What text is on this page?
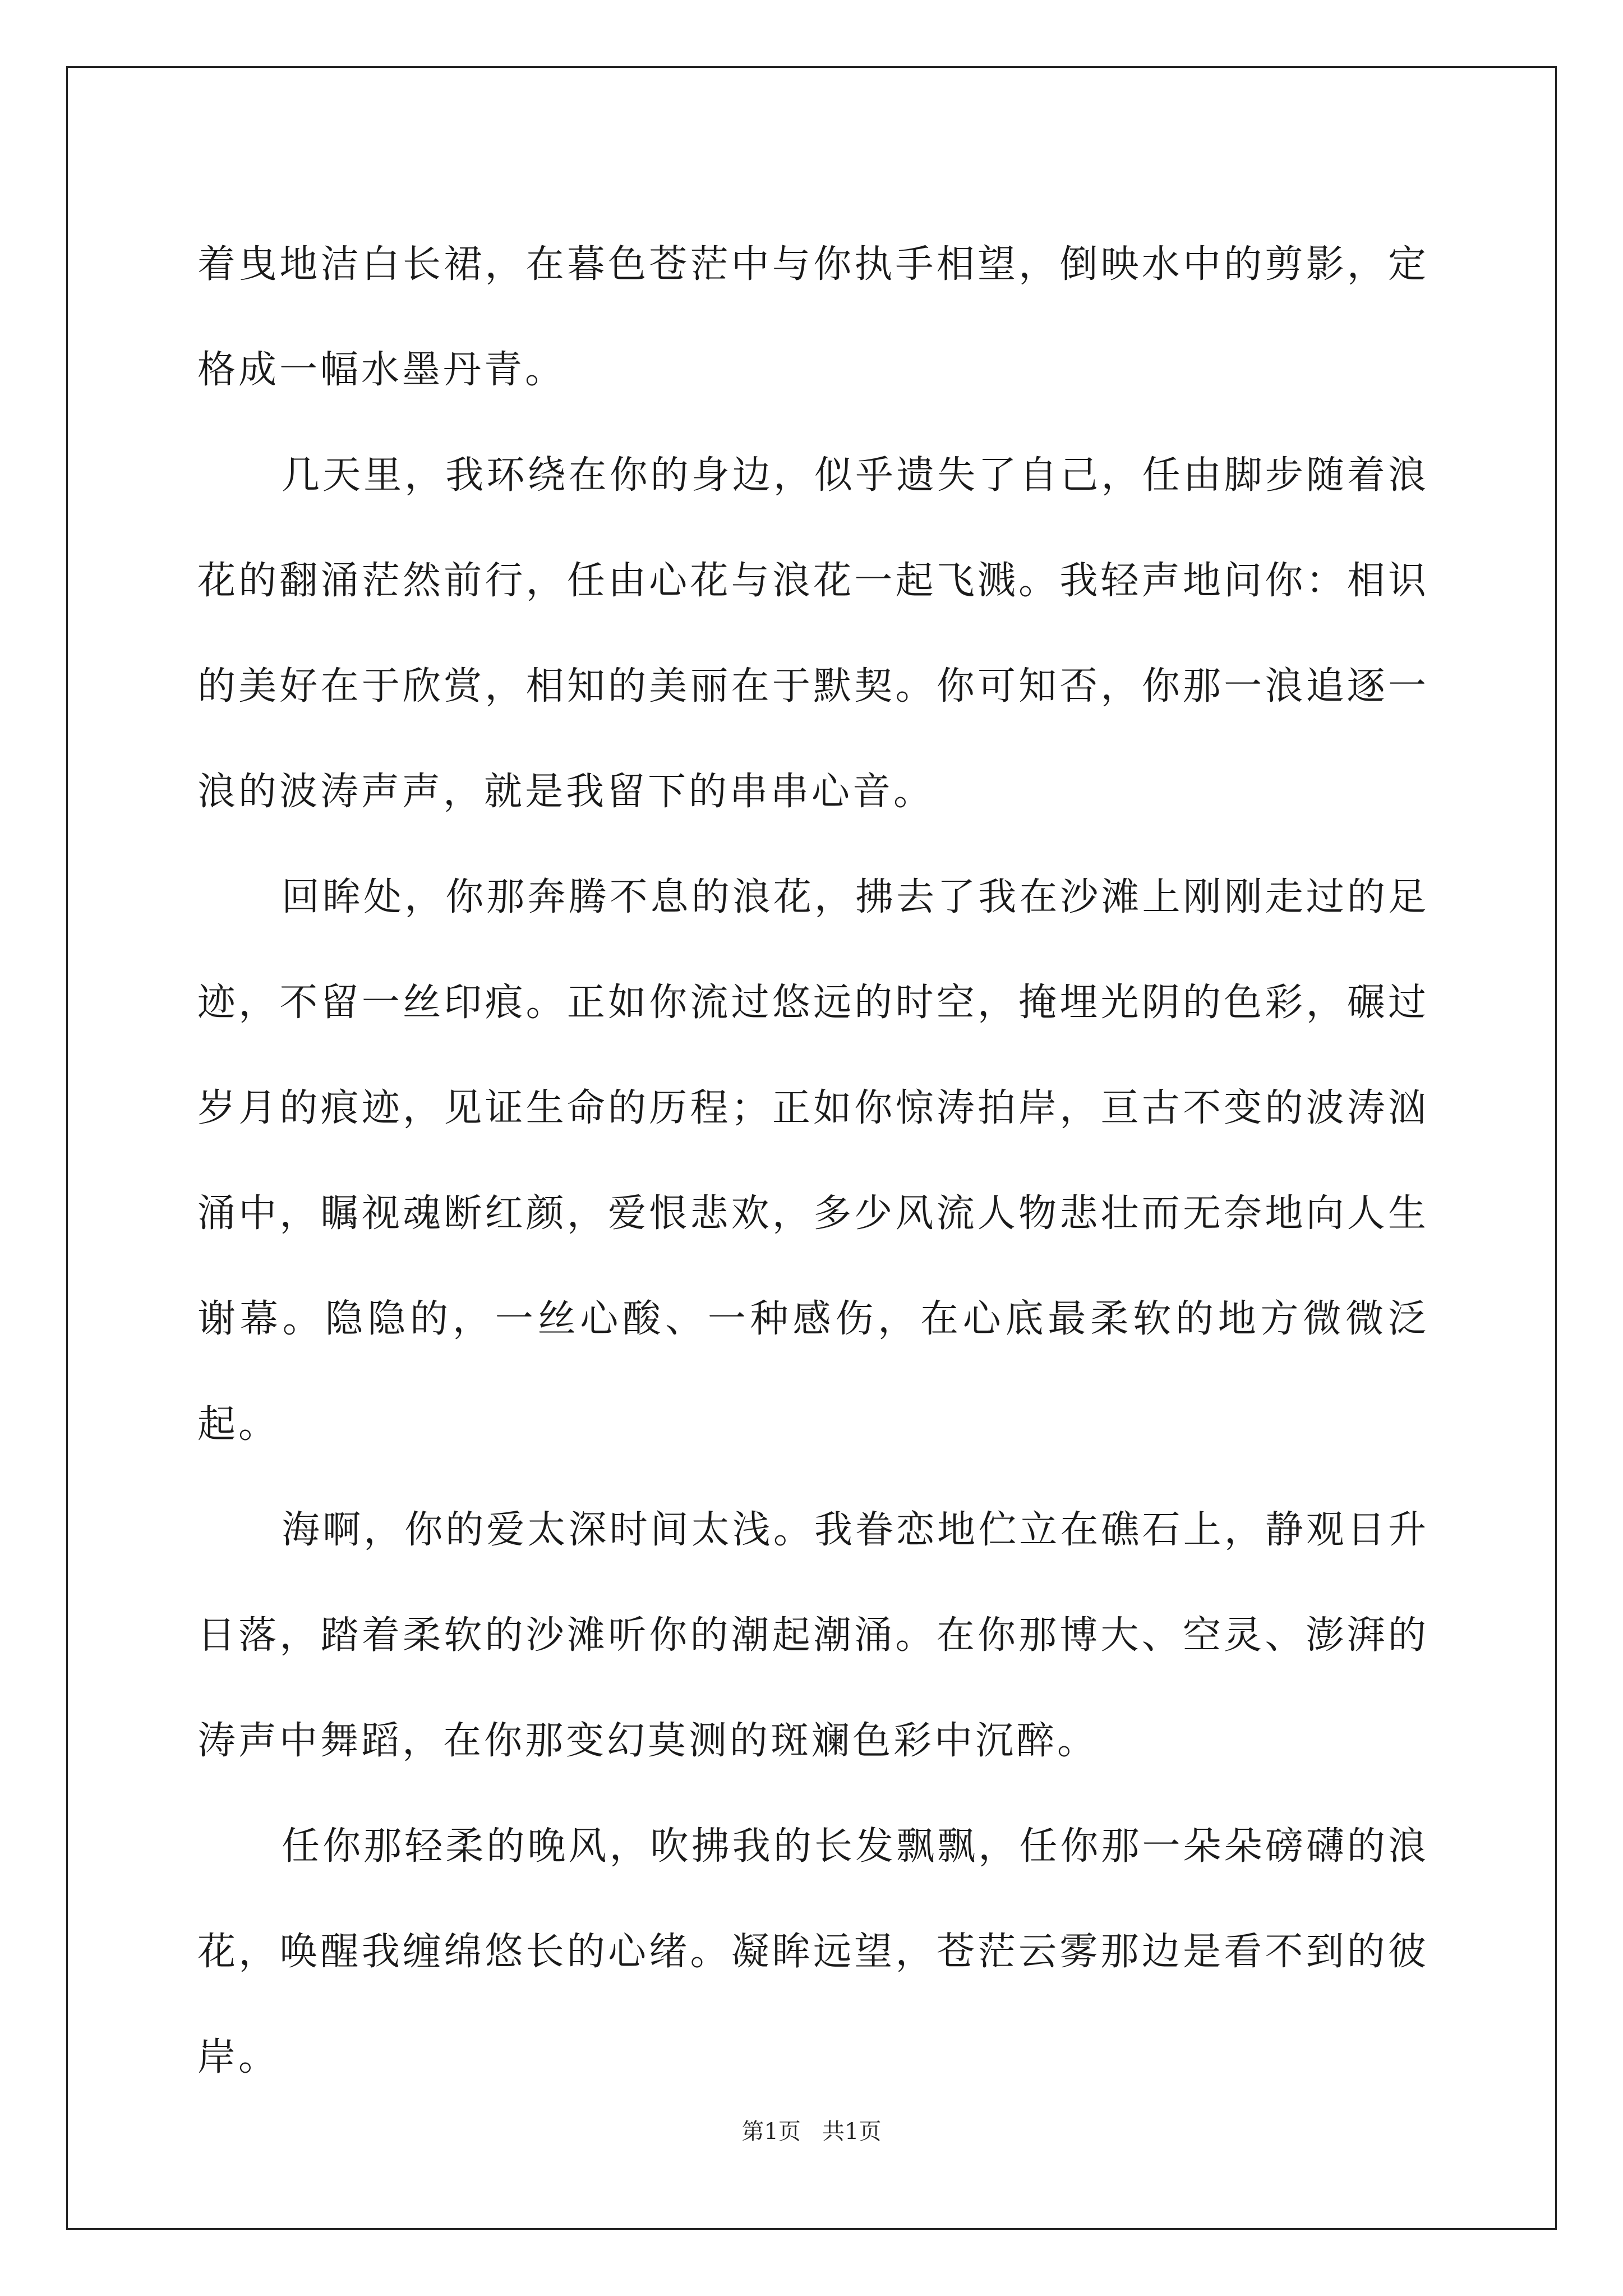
着曳地洁白长裙，在暮色苍茫中与你执手相望，倒映水中的剪影，定格成一幅水墨丹青。

几天里，我环绕在你的身边，似乎遗失了自己，任由脚步随着浪花的翻涌茫然前行，任由心花与浪花一起飞溅。我轻声地问你：相识的美好在于欣赏，相知的美丽在于默契。你可知否，你那一浪追逐一浪的波涛声声，就是我留下的串串心音。

回眸处，你那奔腾不息的浪花，拂去了我在沙滩上刚刚走过的足迹，不留一丝印痕。正如你流过悠远的时空，掩埋光阴的色彩，碾过岁月的痕迹，见证生命的历程；正如你惊涛拍岸，亘古不变的波涛汹涌中，瞩视魂断红颜，爱恨悲欢，多少风流人物悲壮而无奈地向人生谢幕。隐隐的，一丝心酸、一种感伤，在心底最柔软的地方微微泛起。

海啊，你的爱太深时间太浅。我眷恋地伫立在礁石上，静观日升日落，踏着柔软的沙滩听你的潮起潮涌。在你那博大、空灵、澎湃的涛声中舞蹈，在你那变幻莫测的斑斓色彩中沉醉。

任你那轻柔的晚风，吹拂我的长发飘飘，任你那一朵朵磅礴的浪花，唤醒我缠绵悠长的心绪。凝眸远望，苍茫云雾那边是看不到的彼岸。

第1页   共1页
